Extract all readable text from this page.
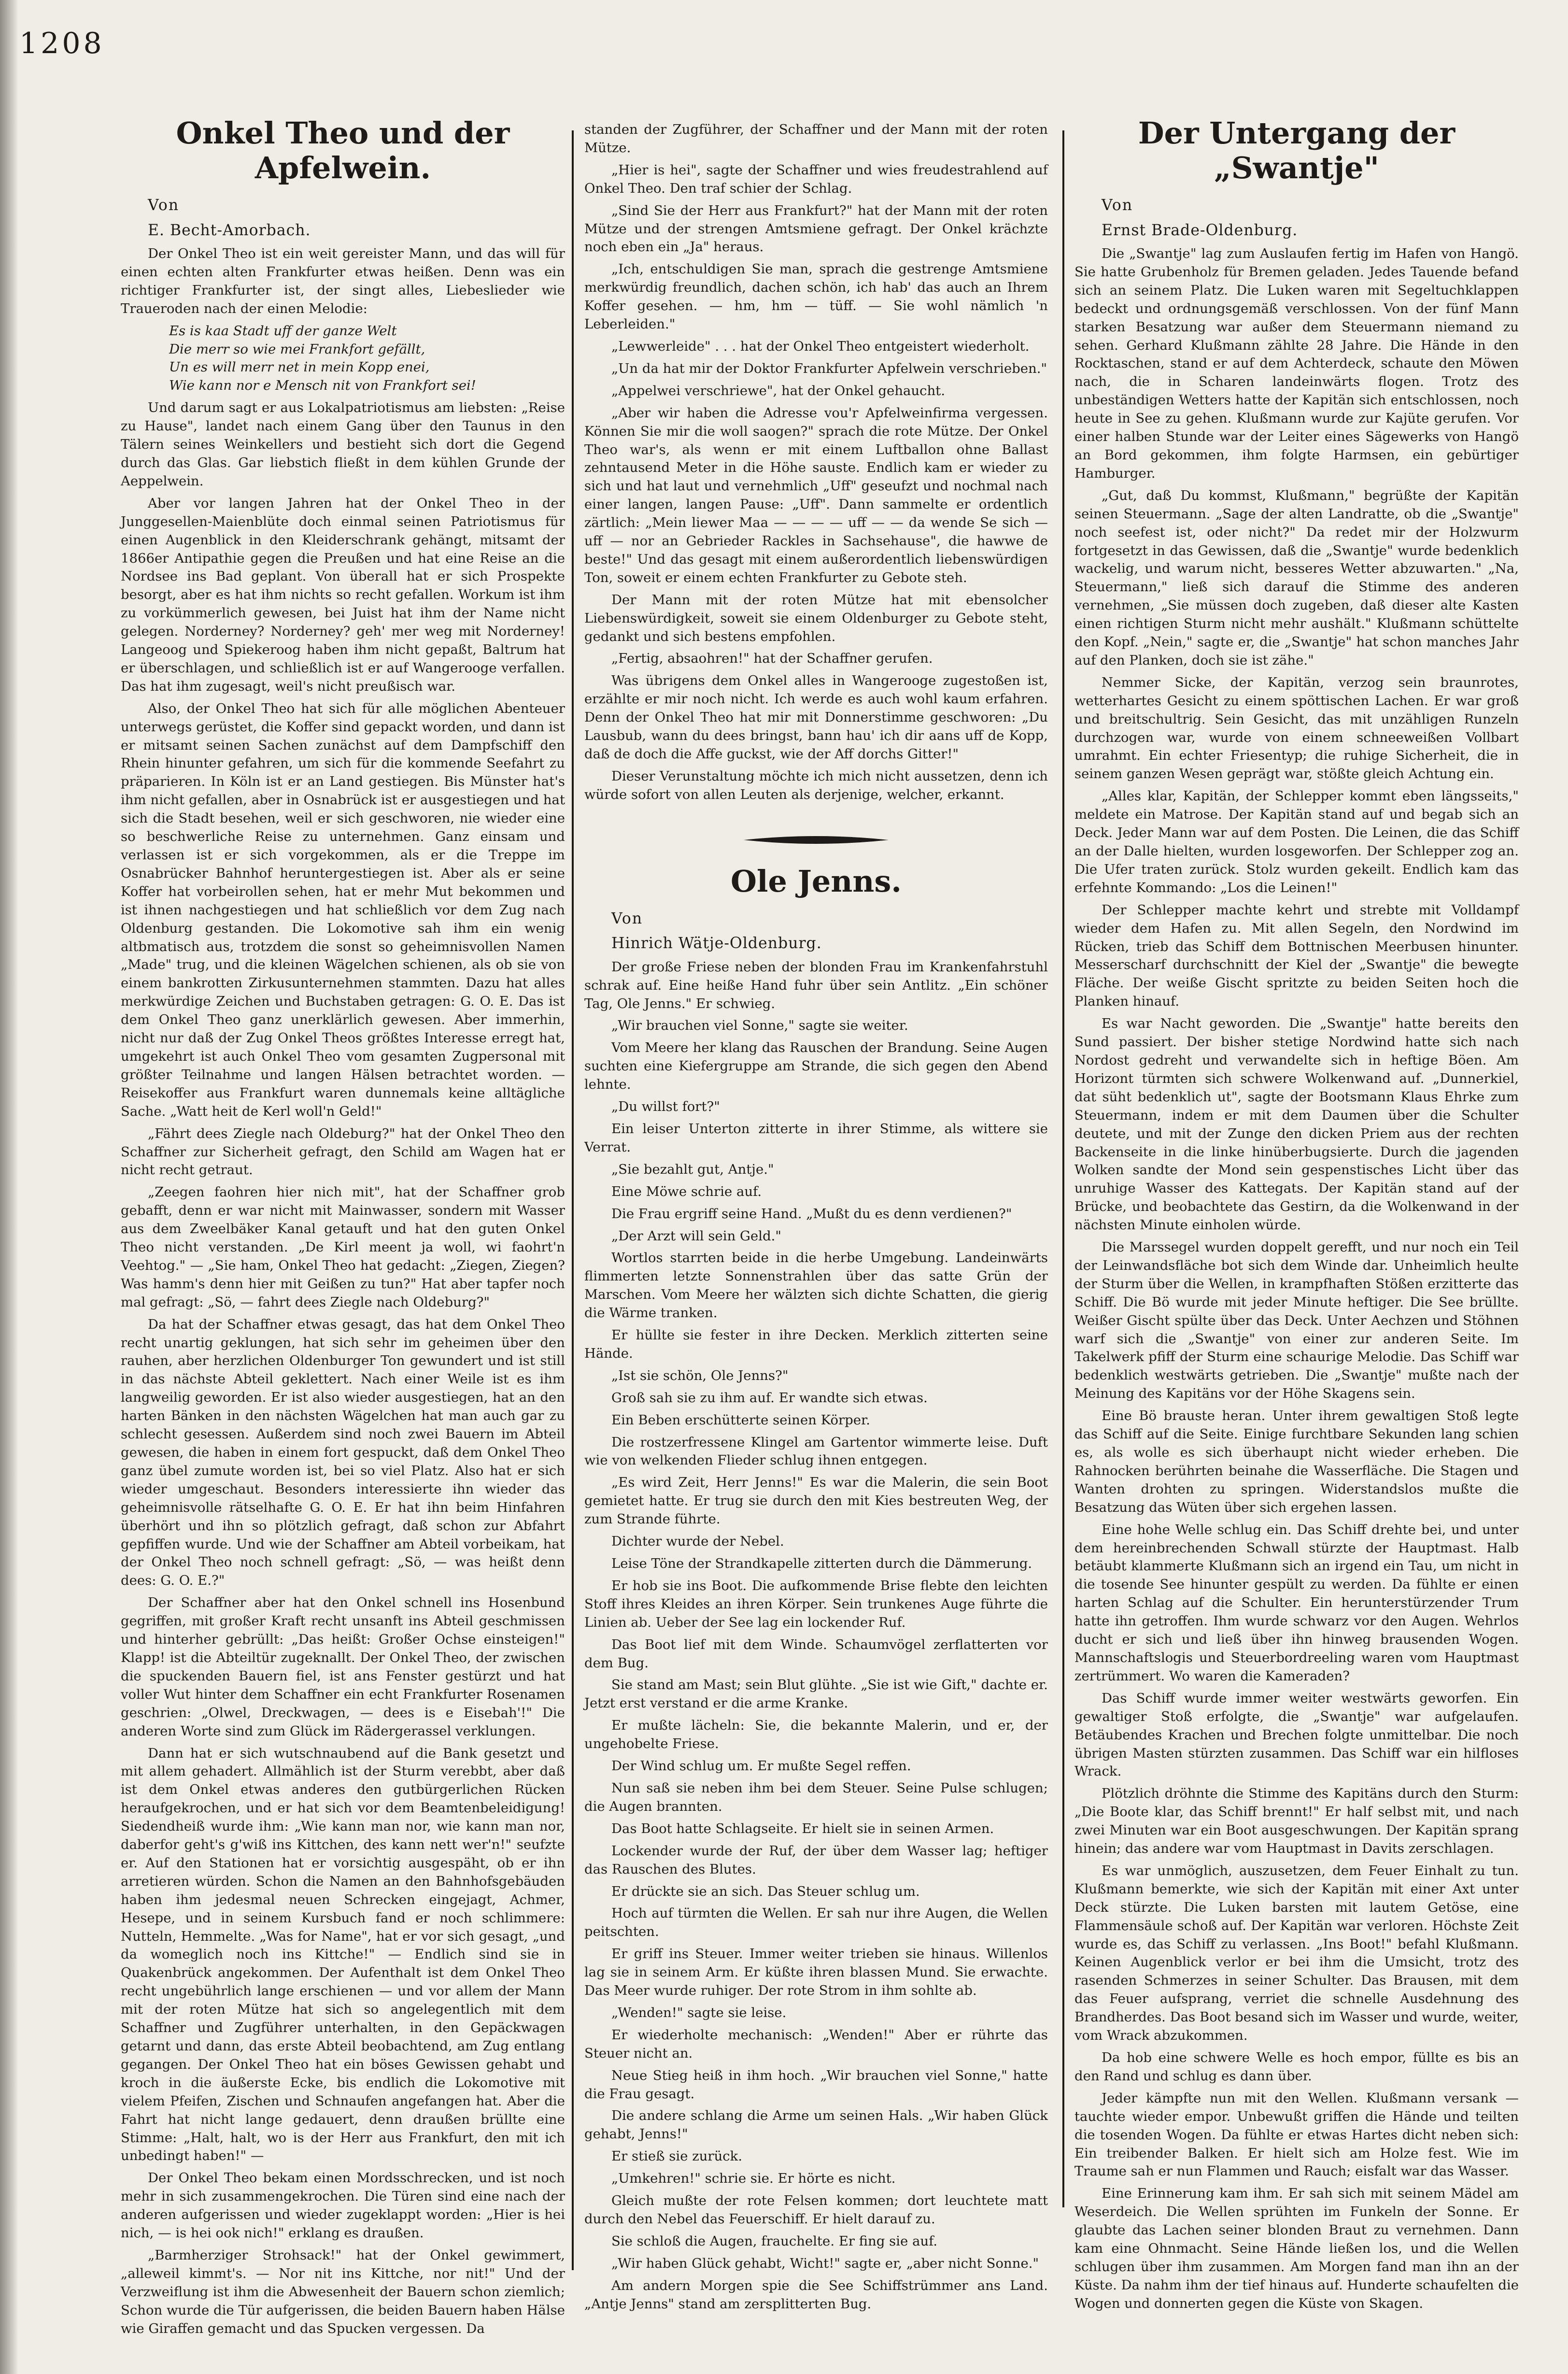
1208
Onkel Theo und der Apfelwein.

Von

E. Becht-Amorbach.

Der Onkel Theo ist ein weit gereister Mann, und das will für einen echten alten Frankfurter etwas heißen. Denn was ein richtiger Frankfurter ist, der singt alles, Liebeslieder wie Trauerоden nach der einen Melodie:

Es is kaa Stadt uff der ganze Welt
Die merr so wie mei Frankfort gefällt,
Un es will merr net in mein Kopp enei,
Wie kann nor e Mensch nit von Frankfort sei!

Und darum sagt er aus Lokalpatriotismus am liebsten: „Reise zu Hause", landet nach einem Gang über den Taunus in den Tälern seines Weinkellers und bestieht sich dort die Gegend durch das Glas. Gar liebstich fließt in dem kühlen Grunde der Aeppelwein.

Aber vor langen Jahren hat der Onkel Theo in der Junggesellen-Maienblüte doch einmal seinen Patriotismus für einen Augenblick in den Kleiderschrank gehängt, mitsamt der 1866er Antipathie gegen die Preußen und hat eine Reise an die Nordsee ins Bad geplant. Von überall hat er sich Prospekte besorgt, aber es hat ihm nichts so recht gefallen. Workum ist ihm zu vorkümmerlich gewesen, bei Juist hat ihm der Name nicht gelegen. Norderney? Norderney? geh' mer weg mit Norderney! Langeoog und Spiekeroog haben ihm nicht gepaßt, Baltrum hat er überschlagen, und schließlich ist er auf Wangerooge verfallen. Das hat ihm zugesagt, weil's nicht preußisch war.

Also, der Onkel Theo hat sich für alle möglichen Abenteuer unterwegs gerüstet, die Koffer sind gepackt worden, und dann ist er mitsamt seinen Sachen zunächst auf dem Dampfschiff den Rhein hinunter gefahren, um sich für die kommende Seefahrt zu präparieren. In Köln ist er an Land gestiegen. Bis Münster hat's ihm nicht gefallen, aber in Osnabrück ist er ausgestiegen und hat sich die Stadt besehen, weil er sich geschworen, nie wieder eine so beschwerliche Reise zu unternehmen. Ganz einsam und verlassen ist er sich vorgekommen, als er die Treppe im Osnabrücker Bahnhof heruntergestiegen ist. Aber als er seine Koffer hat vorbeirollen sehen, hat er mehr Mut bekommen und ist ihnen nachgestiegen und hat schließlich vor dem Zug nach Oldenburg gestanden. Die Lokomotive sah ihm ein wenig altbmatisch aus, trotzdem die sonst so geheimnisvollen Namen „Made" trug, und die kleinen Wägelchen schienen, als ob sie von einem bankrotten Zirkusunternehmen stammten. Dazu hat alles merkwürdige Zeichen und Buchstaben getragen: G. O. E. Das ist dem Onkel Theo ganz unerklärlich gewesen. Aber immerhin, nicht nur daß der Zug Onkel Theos größtes Interesse erregt hat, umgekehrt ist auch Onkel Theo vom gesamten Zugpersonal mit größter Teilnahme und langen Hälsen betrachtet worden. — Reisekoffer aus Frankfurt waren dunnemals keine alltägliche Sache. „Watt heit de Kerl woll'n Geld!"

„Fährt dees Ziegle nach Oldeburg?" hat der Onkel Theo den Schaffner zur Sicherheit gefragt, den Schild am Wagen hat er nicht recht getraut.

„Zeegen faohren hier nich mit", hat der Schaffner grob gebafft, denn er war nicht mit Mainwasser, sondern mit Wasser aus dem Zweelbäker Kanal getauft und hat den guten Onkel Theo nicht verstanden. „De Kirl meent ja woll, wi faohrt'n Veehtog." — „Sie ham, Onkel Theo hat gedacht: „Ziegen, Ziegen? Was hamm's denn hier mit Geißen zu tun?" Hat aber tapfer noch mal gefragt: „Sö, — fahrt dees Ziegle nach Oldeburg?"

Da hat der Schaffner etwas gesagt, das hat dem Onkel Theo recht unartig geklungen, hat sich sehr im geheimen über den rauhen, aber herzlichen Oldenburger Ton gewundert und ist still in das nächste Abteil geklettert. Nach einer Weile ist es ihm langweilig geworden. Er ist also wieder ausgestiegen, hat an den harten Bänken in den nächsten Wägelchen hat man auch gar zu schlecht gesessen. Außerdem sind noch zwei Bauern im Abteil gewesen, die haben in einem fort gespuckt, daß dem Onkel Theo ganz übel zumute worden ist, bei so viel Platz. Also hat er sich wieder umgeschaut. Besonders interessierte ihn wieder das geheimnisvolle rätselhafte G. O. E. Er hat ihn beim Hinfahren überhört und ihn so plötzlich gefragt, daß schon zur Abfahrt gepfiffen wurde. Und wie der Schaffner am Abteil vorbeikam, hat der Onkel Theo noch schnell gefragt: „Sö, — was heißt denn dees: G. O. E.?"

Der Schaffner aber hat den Onkel schnell ins Hosenbund gegriffen, mit großer Kraft recht unsanft ins Abteil geschmissen und hinterher gebrüllt: „Das heißt: Großer Ochse einsteigen!" Klapp! ist die Abteiltür zugeknallt. Der Onkel Theo, der zwischen die spuckenden Bauern fiel, ist ans Fenster gestürzt und hat voller Wut hinter dem Schaffner ein echt Frankfurter Rosenamen geschrien: „Olwel, Dreckwagen, — dees is e Eisebah'!" Die anderen Worte sind zum Glück im Rädergerassel verklungen.

Dann hat er sich wutschnaubend auf die Bank gesetzt und mit allem gehadert. Allmählich ist der Sturm verebbt, aber daß ist dem Onkel etwas anderes den gutbürgerlichen Rücken heraufgekrochen, und er hat sich vor dem Beamtenbeleidigung! Siedendheiß wurde ihm: „Wie kann man nor, wie kann man nor, daberfor geht's g'wiß ins Kittchen, des kann nett wer'n!" seufzte er. Auf den Stationen hat er vorsichtig ausgespäht, ob er ihn arretieren würden. Schon die Namen an den Bahnhofsgebäuden haben ihm jedesmal neuen Schrecken eingejagt, Achmer, Hesepe, und in seinem Kursbuch fand er noch schlimmere: Nutteln, Hemmelte. „Was for Name", hat er vor sich gesagt, „und da womeglich noch ins Kittche!" — Endlich sind sie in Quakenbrück angekommen. Der Aufenthalt ist dem Onkel Theo recht ungebührlich lange erschienen — und vor allem der Mann mit der roten Mütze hat sich so angelegentlich mit dem Schaffner und Zugführer unterhalten, in den Gepäckwagen getarnt und dann, das erste Abteil beobachtend, am Zug entlang gegangen. Der Onkel Theo hat ein böses Gewissen gehabt und kroch in die äußerste Ecke, bis endlich die Lokomotive mit vielem Pfeifen, Zischen und Schnaufen angefangen hat. Aber die Fahrt hat nicht lange gedauert, denn draußen brüllte eine Stimme: „Halt, halt, wo is der Herr aus Frankfurt, den mit ich unbedingt haben!" —

Der Onkel Theo bekam einen Mordsschrecken, und ist noch mehr in sich zusammengekrochen. Die Türen sind eine nach der anderen aufgerissen und wieder zugeklappt worden: „Hier is hei nich, — is hei ook nich!" erklang es draußen.

„Barmherziger Strohsack!" hat der Onkel gewimmert, „alleweil kimmt's. — Nor nit ins Kittche, nor nit!" Und der Verzweiflung ist ihm die Abwesenheit der Bauern schon ziemlich; Schon wurde die Tür aufgerissen, die beiden Bauern haben Hälse wie Giraffen gemacht und das Spucken vergessen. Da

standen der Zugführer, der Schaffner und der Mann mit der roten Mütze.

„Hier is hei", sagte der Schaffner und wies freudestrahlend auf Onkel Theo. Den traf schier der Schlag.

„Sind Sie der Herr aus Frankfurt?" hat der Mann mit der roten Mütze und der strengen Amtsmiene gefragt. Der Onkel krächzte noch eben ein „Ja" heraus.

„Ich, entschuldigen Sie man, sprach die gestrenge Amtsmiene merkwürdig freundlich, dachen schön, ich hab' das auch an Ihrem Koffer gesehen. — hm, hm — tüff. — Sie wohl nämlich 'n Leberleiden."

„Lewwerleide" . . . hat der Onkel Theo entgeistert wiederholt.

„Un da hat mir der Doktor Frankfurter Apfelwein verschrieben."

„Appelwei verschriewe", hat der Onkel gehaucht.

„Aber wir haben die Adresse vou'r Apfelweinfirma vergessen. Können Sie mir die woll saogen?" sprach die rote Mütze. Der Onkel Theo war's, als wenn er mit einem Luftballon ohne Ballast zehntausend Meter in die Höhe sauste. Endlich kam er wieder zu sich und hat laut und vernehmlich „Uff" geseufzt und nochmal nach einer langen, langen Pause: „Uff". Dann sammelte er ordentlich zärtlich: „Mein liewer Maa — — — — uff — — da wende Se sich — uff — nor an Gebrieder Rackles in Sachsehause", die hawwe de beste!" Und das gesagt mit einem außerordentlich liebenswürdigen Ton, soweit er einem echten Frankfurter zu Gebote steh.

Der Mann mit der roten Mütze hat mit ebensolcher Liebenswürdigkeit, soweit sie einem Oldenburger zu Gebote steht, gedankt und sich bestens empfohlen.

„Fertig, absaohren!" hat der Schaffner gerufen.

Was übrigens dem Onkel alles in Wangerooge zugestoßen ist, erzählte er mir noch nicht. Ich werde es auch wohl kaum erfahren. Denn der Onkel Theo hat mir mit Donnerstimme geschworen: „Du Lausbub, wann du dees bringst, bann hau' ich dir aans uff de Kopp, daß de doch die Affe guckst, wie der Aff dorchs Gitter!"

Dieser Verunstaltung möchte ich mich nicht aussetzen, denn ich würde sofort von allen Leuten als derjenige, welcher, erkannt.

Ole Jenns.

Von

Hinrich Wätje-Oldenburg.

Der große Friese neben der blonden Frau im Krankenfahrstuhl schrak auf. Eine heiße Hand fuhr über sein Antlitz. „Ein schöner Tag, Ole Jenns." Er schwieg.

„Wir brauchen viel Sonne," sagte sie weiter.

Vom Meere her klang das Rauschen der Brandung. Seine Augen suchten eine Kiefergruppe am Strande, die sich gegen den Abend lehnte.

„Du willst fort?"

Ein leiser Unterton zitterte in ihrer Stimme, als wittere sie Verrat.

„Sie bezahlt gut, Antje."

Eine Möwe schrie auf.

Die Frau ergriff seine Hand. „Mußt du es denn verdienen?"

„Der Arzt will sein Geld."

Wortlos starrten beide in die herbe Umgebung. Landeinwärts flimmerten letzte Sonnenstrahlen über das satte Grün der Marschen. Vom Meere her wälzten sich dichte Schatten, die gierig die Wärme tranken.

Er hüllte sie fester in ihre Decken. Merklich zitterten seine Hände.

„Ist sie schön, Ole Jenns?"

Groß sah sie zu ihm auf. Er wandte sich etwas.

Ein Beben erschütterte seinen Körper.

Die rostzerfressene Klingel am Gartentor wimmerte leise. Duft wie von welkenden Flieder schlug ihnen entgegen.

„Es wird Zeit, Herr Jenns!" Es war die Malerin, die sein Boot gemietet hatte. Er trug sie durch den mit Kies bestreuten Weg, der zum Strande führte.

Dichter wurde der Nebel.

Leise Töne der Strandkapelle zitterten durch die Dämmerung.

Er hob sie ins Boot. Die aufkommende Brise flebte den leichten Stoff ihres Kleides an ihren Körper. Sein trunkenes Auge führte die Linien ab. Ueber der See lag ein lockender Ruf.

Das Boot lief mit dem Winde. Schaumvögel zerflatterten vor dem Bug.

Sie stand am Mast; sein Blut glühte. „Sie ist wie Gift," dachte er. Jetzt erst verstand er die arme Kranke.

Er mußte lächeln: Sie, die bekannte Malerin, und er, der ungehobelte Friese.

Der Wind schlug um. Er mußte Segel reffen.

Nun saß sie neben ihm bei dem Steuer. Seine Pulse schlugen; die Augen brannten.

Das Boot hatte Schlagseite. Er hielt sie in seinen Armen.

Lockender wurde der Ruf, der über dem Wasser lag; heftiger das Rauschen des Blutes.

Er drückte sie an sich. Das Steuer schlug um.

Hoch auf türmten die Wellen. Er sah nur ihre Augen, die Wellen peitschten.

Er griff ins Steuer. Immer weiter trieben sie hinaus. Willenlos lag sie in seinem Arm. Er küßte ihren blassen Mund. Sie erwachte. Das Meer wurde ruhiger. Der rote Strom in ihm sohlte ab.

„Wenden!" sagte sie leise.

Er wiederholte mechanisch: „Wenden!" Aber er rührte das Steuer nicht an.

Neue Stieg heiß in ihm hoch. „Wir brauchen viel Sonne," hatte die Frau gesagt.

Die andere schlang die Arme um seinen Hals. „Wir haben Glück gehabt, Jenns!"

Er stieß sie zurück.

„Umkehren!" schrie sie. Er hörte es nicht.

Gleich mußte der rote Felsen kommen; dort leuchtete matt durch den Nebel das Feuerschiff. Er hielt darauf zu.

Sie schloß die Augen, frauchelte. Er fing sie auf.

„Wir haben Glück gehabt, Wicht!" sagte er, „aber nicht Sonne."

Am andern Morgen spie die See Schiffstrümmer ans Land. „Antje Jenns" stand am zersplitterten Bug.

Der Untergang der „Swantje"

Von

Ernst Brade-Oldenburg.

Die „Swantje" lag zum Auslaufen fertig im Hafen von Hangö. Sie hatte Grubenholz für Bremen geladen. Jedes Tauende befand sich an seinem Platz. Die Luken waren mit Segeltuchklappen bedeckt und ordnungsgemäß verschlossen. Von der fünf Mann starken Besatzung war außer dem Steuermann niemand zu sehen. Gerhard Klußmann zählte 28 Jahre. Die Hände in den Rocktaschen, stand er auf dem Achterdeck, schaute den Möwen nach, die in Scharen landeinwärts flogen. Trotz des unbeständigen Wetters hatte der Kapitän sich entschlossen, noch heute in See zu gehen. Klußmann wurde zur Kajüte gerufen. Vor einer halben Stunde war der Leiter eines Sägewerks von Hangö an Bord gekommen, ihm folgte Harmsen, ein gebürtiger Hamburger.

„Gut, daß Du kommst, Klußmann," begrüßte der Kapitän seinen Steuermann. „Sage der alten Landratte, ob die „Swantje" noch seefest ist, oder nicht?" Da redet mir der Holzwurm fortgesetzt in das Gewissen, daß die „Swantje" wurde bedenklich wackelig, und warum nicht, besseres Wetter abzuwarten." „Na, Steuermann," ließ sich darauf die Stimme des anderen vernehmen, „Sie müssen doch zugeben, daß dieser alte Kasten einen richtigen Sturm nicht mehr aushält." Klußmann schüttelte den Kopf. „Nein," sagte er, die „Swantje" hat schon manches Jahr auf den Planken, doch sie ist zähe."

Nemmer Sicke, der Kapitän, verzog sein braunrotes, wetterhartes Gesicht zu einem spöttischen Lachen. Er war groß und breitschultrig. Sein Gesicht, das mit unzähligen Runzeln durchzogen war, wurde von einem schneeweißen Vollbart umrahmt. Ein echter Friesentyp; die ruhige Sicherheit, die in seinem ganzen Wesen geprägt war, stößte gleich Achtung ein.

„Alles klar, Kapitän, der Schlepper kommt eben längsseits," meldete ein Matrose. Der Kapitän stand auf und begab sich an Deck. Jeder Mann war auf dem Posten. Die Leinen, die das Schiff an der Dalle hielten, wurden losgeworfen. Der Schlepper zog an. Die Ufer traten zurück. Stolz wurden gekeilt. Endlich kam das erfehnte Kommando: „Los die Leinen!"

Der Schlepper machte kehrt und strebte mit Volldampf wieder dem Hafen zu. Mit allen Segeln, den Nordwind im Rücken, trieb das Schiff dem Bottnischen Meerbusen hinunter. Messerscharf durchschnitt der Kiel der „Swantje" die bewegte Fläche. Der weiße Gischt spritzte zu beiden Seiten hoch die Planken hinauf.

Es war Nacht geworden. Die „Swantje" hatte bereits den Sund passiert. Der bisher stetige Nordwind hatte sich nach Nordost gedreht und verwandelte sich in heftige Böen. Am Horizont türmten sich schwere Wolkenwand auf. „Dunnerkiel, dat süht bedenklich ut", sagte der Bootsmann Klaus Ehrke zum Steuermann, indem er mit dem Daumen über die Schulter deutete, und mit der Zunge den dicken Priem aus der rechten Backenseite in die linke hinüberbugsierte. Durch die jagenden Wolken sandte der Mond sein gespenstisches Licht über das unruhige Wasser des Kattegats. Der Kapitän stand auf der Brücke, und beobachtete das Gestirn, da die Wolkenwand in der nächsten Minute einholen würde.

Die Marssegel wurden doppelt gerefft, und nur noch ein Teil der Leinwandsfläche bot sich dem Winde dar. Unheimlich heulte der Sturm über die Wellen, in krampfhaften Stößen erzitterte das Schiff. Die Bö wurde mit jeder Minute heftiger. Die See brüllte. Weißer Gischt spülte über das Deck. Unter Aechzen und Stöhnen warf sich die „Swantje" von einer zur anderen Seite. Im Takelwerk pfiff der Sturm eine schaurige Melodie. Das Schiff war bedenklich westwärts getrieben. Die „Swantje" mußte nach der Meinung des Kapitäns vor der Höhe Skagens sein.

Eine Bö brauste heran. Unter ihrem gewaltigen Stoß legte das Schiff auf die Seite. Einige furchtbare Sekunden lang schien es, als wolle es sich überhaupt nicht wieder erheben. Die Rahnocken berührten beinahe die Wasserfläche. Die Stagen und Wanten drohten zu springen. Widerstandslos mußte die Besatzung das Wüten über sich ergehen lassen.

Eine hohe Welle schlug ein. Das Schiff drehte bei, und unter dem hereinbrechenden Schwall stürzte der Hauptmast. Halb betäubt klammerte Klußmann sich an irgend ein Tau, um nicht in die tosende See hinunter gespült zu werden. Da fühlte er einen harten Schlag auf die Schulter. Ein herunterstürzender Trum hatte ihn getroffen. Ihm wurde schwarz vor den Augen. Wehrlos ducht er sich und ließ über ihn hinweg brausenden Wogen. Mannschaftslogis und Steuerbordreeling waren vom Hauptmast zertrümmert. Wo waren die Kameraden?

Das Schiff wurde immer weiter westwärts geworfen. Ein gewaltiger Stoß erfolgte, die „Swantje" war aufgelaufen. Betäubendes Krachen und Brechen folgte unmittelbar. Die noch übrigen Masten stürzten zusammen. Das Schiff war ein hilfloses Wrack.

Plötzlich dröhnte die Stimme des Kapitäns durch den Sturm: „Die Boote klar, das Schiff brennt!" Er half selbst mit, und nach zwei Minuten war ein Boot ausgeschwungen. Der Kapitän sprang hinein; das andere war vom Hauptmast in Davits zerschlagen.

Es war unmöglich, auszusetzen, dem Feuer Einhalt zu tun. Klußmann bemerkte, wie sich der Kapitän mit einer Axt unter Deck stürzte. Die Luken barsten mit lautem Getöse, eine Flammensäule schoß auf. Der Kapitän war verloren. Höchste Zeit wurde es, das Schiff zu verlassen. „Ins Boot!" befahl Klußmann. Keinen Augenblick verlor er bei ihm die Umsicht, trotz des rasenden Schmerzes in seiner Schulter. Das Brausen, mit dem das Feuer aufsprang, verriet die schnelle Ausdehnung des Brandherdes. Das Boot besand sich im Wasser und wurde, weiter, vom Wrack abzukommen.

Da hob eine schwere Welle es hoch empor, füllte es bis an den Rand und schlug es dann über.

Jeder kämpfte nun mit den Wellen. Klußmann versank — tauchte wieder empor. Unbewußt griffen die Hände und teilten die tosenden Wogen. Da fühlte er etwas Hartes dicht neben sich: Ein treibender Balken. Er hielt sich am Holze fest. Wie im Traume sah er nun Flammen und Rauch; eisfalt war das Wasser.

Eine Erinnerung kam ihm. Er sah sich mit seinem Mädel am Weserdeich. Die Wellen sprühten im Funkeln der Sonne. Er glaubte das Lachen seiner blonden Braut zu vernehmen. Dann kam eine Ohnmacht. Seine Hände ließen los, und die Wellen schlugen über ihm zusammen. Am Morgen fand man ihn an der Küste. Da nahm ihm der tief hinaus auf. Hunderte schaufelten die Wogen und donnerten gegen die Küste von Skagen.
